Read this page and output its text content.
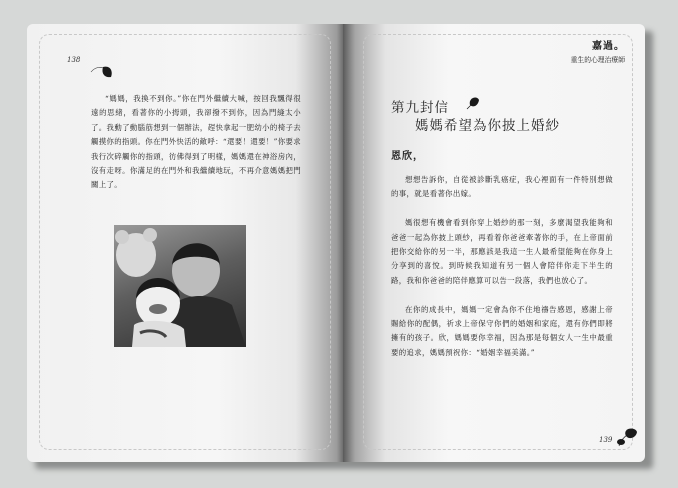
138

“媽媽，我換不到你。”你在門外繼續大喊，按回我飄得很遠的思緒，看著你的小拇頭，我卻撥不到你，因為門縫太小了。我動了動腦筋想到一個辦法，趕快拿起一肥幼小的椅子去觸摸你的指頭。你在門外快活的敵呼：“還要！還要！”你要求我行次碎觸你的指頭，彷佛得到了明樣，媽媽還在神浴房內，沒有走呀。你滿足的在門外和我繼續地玩，不再介意媽媽把門關上了。

嘉過。
重生的心理治療師
第九封信
媽媽希望為你披上婚紗
恩欣，

想想告訴你，自從被診斷乳癌症，我心裡面有一件特別想做的事，就是看著你出嫁。

媽很想有機會看到你穿上婚紗的那一刻，多麼渴望我能夠和爸爸一起為你披上頭紗，再看着你爸爸牽著你的手，在上帝面前把你交給你的另一半，那應該是我這一生人最希望能夠在你身上分享到的喜悅。到時候我知道有另一個人會陪伴你走下半生的路，我和你爸爸的陪伴應算可以告一段落，我們也放心了。

在你的成長中，媽媽一定會為你不住地禱告感恩，感謝上帝賜給你的配偶，祈求上帝保守你們的婚姻和家庭，還有你們即將擁有的孩子。欣，媽媽要你幸福，因為那是每個女人一生中最重要的追求，媽媽預祝你：“婚姻幸福美滿。”

139
